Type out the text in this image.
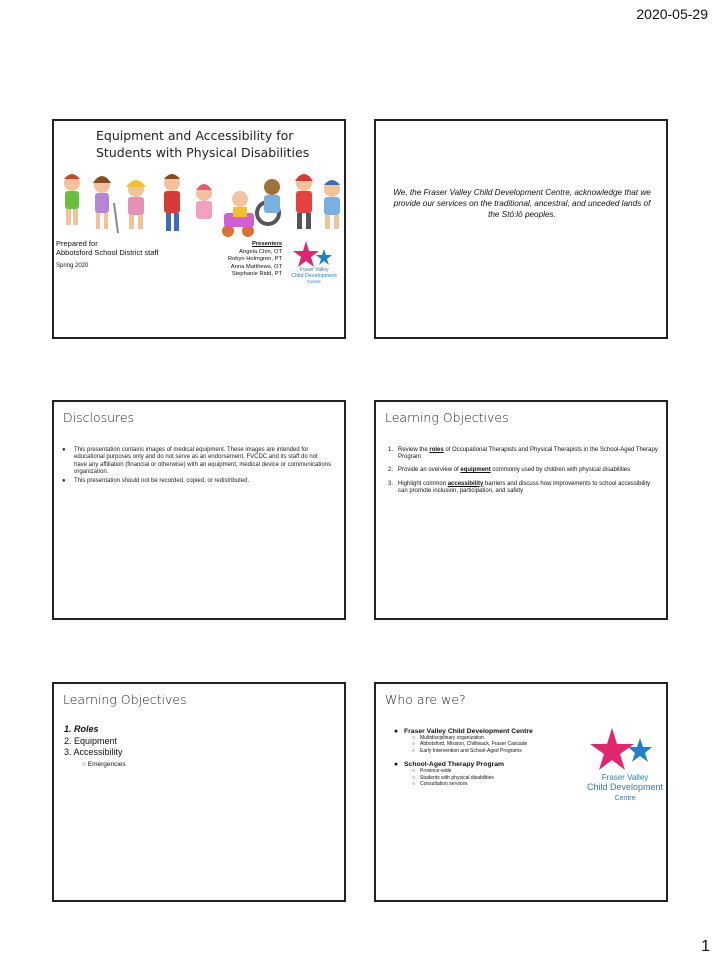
2020-05-29
Equipment and Accessibility for
Students with Physical Disabilities
Prepared for
Abbotsford School District staff
Spring 2020
Presenters
Angela Chin, OT
Robyn Holmgren, PT
Anna Matthews, OT
Stephanie Ridd, PT
Fraser Valley
Child Development
Centre
We, the Fraser Valley Child Development Centre, acknowledge that we provide our services on the traditional, ancestral, and unceded lands of the Stó:lō peoples.
Disclosures
●	This presentation contains images of medical equipment. These images are intended for educational purposes only and do not serve as an endorsement. FVCDC and its staff do not have any affiliation (financial or otherwise) with an equipment, medical device or communications organization.
●	This presentation should not be recorded, copied, or redistributed.
Learning Objectives
1. Review the roles of Occupational Therapists and Physical Therapists in the School-Aged Therapy Program
2. Provide an overview of equipment commonly used by children with physical disabilities
3. Highlight common accessibility barriers and discuss how improvements to school accessibility can promote inclusion, participation, and safety
Learning Objectives
1. Roles
2. Equipment
3. Accessibility
○ Emergencies
Who are we?
● Fraser Valley Child Development Centre
○ Multidisciplinary organization
○ Abbotsford, Mission, Chilliwack, Fraser Cascade
○ Early Intervention and School-Aged Programs
● School-Aged Therapy Program
○ Province-wide
○ Students with physical disabilities
○ Consultation services
Fraser Valley
Child Development
Centre
1
